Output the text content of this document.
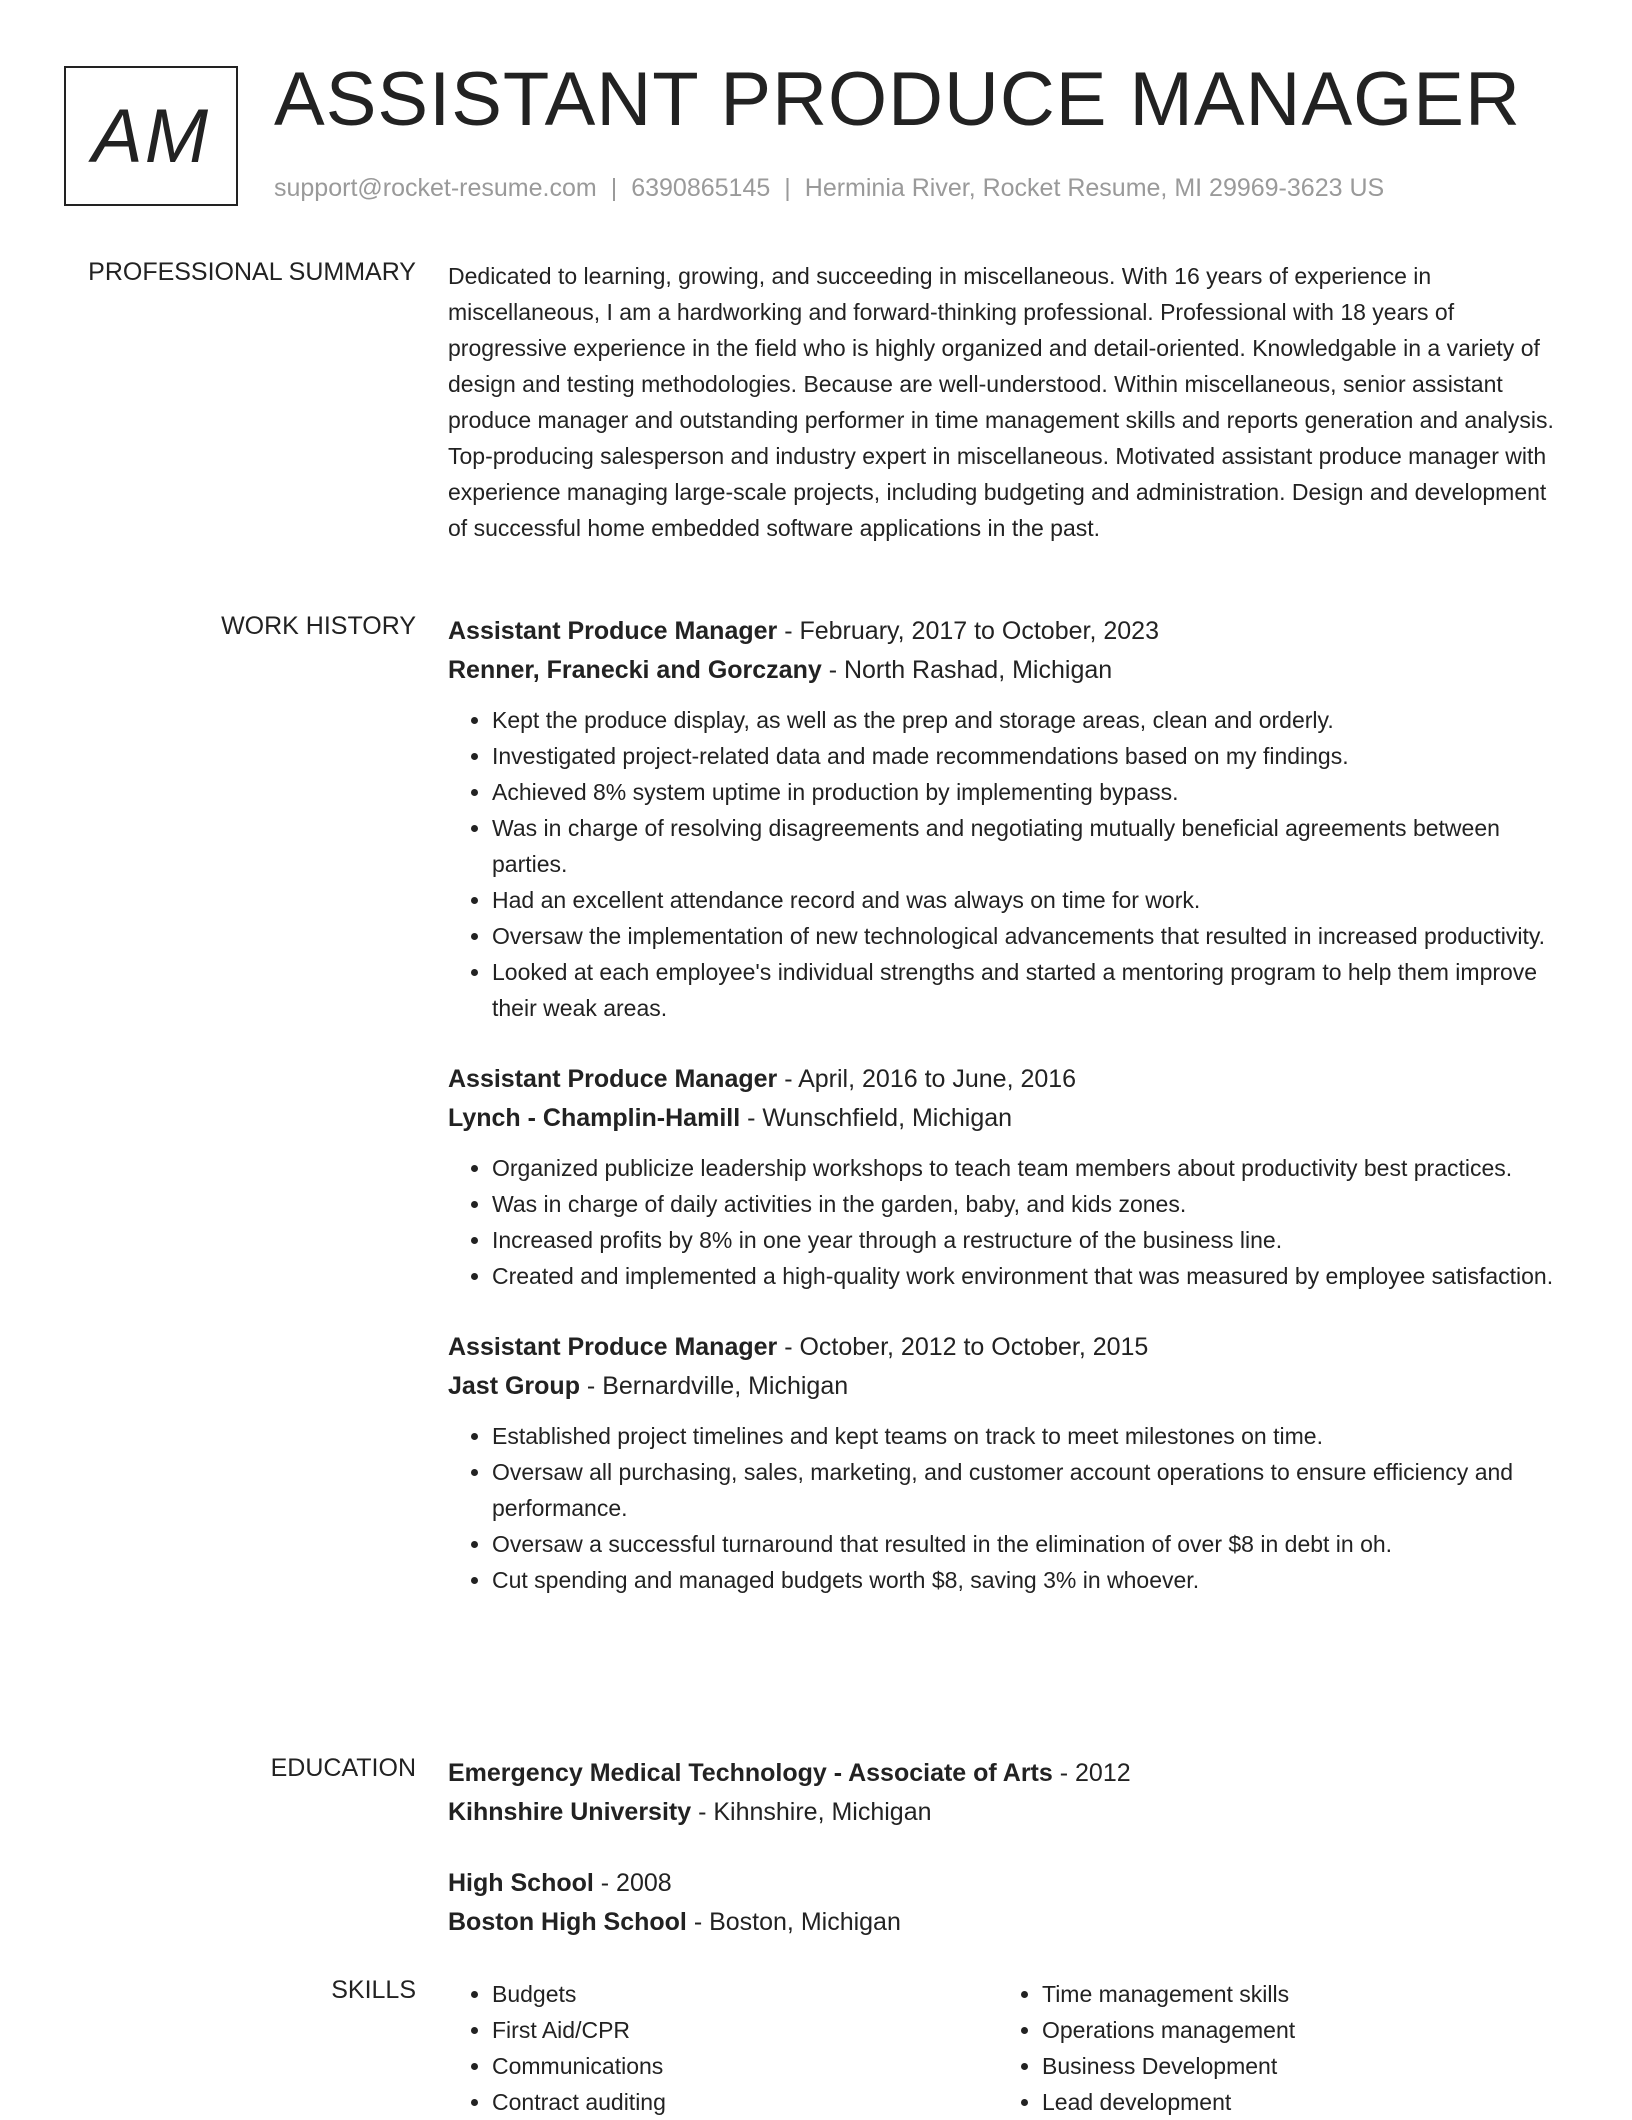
AM ASSISTANT PRODUCE MANAGER
support@rocket-resume.com | 6390865145 | Herminia River, Rocket Resume, MI 29969-3623 US
PROFESSIONAL SUMMARY Dedicated to learning, growing, and succeeding in miscellaneous. With 16 years of experience in miscellaneous, I am a hardworking and forward-thinking professional. Professional with 18 years of progressive experience in the field who is highly organized and detail-oriented. Knowledgable in a variety of design and testing methodologies. Because are well-understood. Within miscellaneous, senior assistant produce manager and outstanding performer in time management skills and reports generation and analysis. Top-producing salesperson and industry expert in miscellaneous. Motivated assistant produce manager with experience managing large-scale projects, including budgeting and administration. Design and development of successful home embedded software applications in the past.

WORK HISTORY Assistant Produce Manager - February, 2017 to October, 2023
Renner, Franecki and Gorczany - North Rashad, Michigan
• Kept the produce display, as well as the prep and storage areas, clean and orderly.
• Investigated project-related data and made recommendations based on my findings.
• Achieved 8% system uptime in production by implementing bypass.
• Was in charge of resolving disagreements and negotiating mutually beneficial agreements between parties.
• Had an excellent attendance record and was always on time for work.
• Oversaw the implementation of new technological advancements that resulted in increased productivity.
• Looked at each employee's individual strengths and started a mentoring program to help them improve their weak areas.
Assistant Produce Manager - April, 2016 to June, 2016
Lynch - Champlin-Hamill - Wunschfield, Michigan
• Organized publicize leadership workshops to teach team members about productivity best practices.
• Was in charge of daily activities in the garden, baby, and kids zones.
• Increased profits by 8% in one year through a restructure of the business line.
• Created and implemented a high-quality work environment that was measured by employee satisfaction.
Assistant Produce Manager - October, 2012 to October, 2015
Jast Group - Bernardville, Michigan
• Established project timelines and kept teams on track to meet milestones on time.
• Oversaw all purchasing, sales, marketing, and customer account operations to ensure efficiency and performance.
• Oversaw a successful turnaround that resulted in the elimination of over $8 in debt in oh.
• Cut spending and managed budgets worth $8, saving 3% in whoever.
EDUCATION Emergency Medical Technology - Associate of Arts - 2012
Kihnshire University - Kihnshire, Michigan
High School - 2008
Boston High School - Boston, Michigan
SKILLS
•	Budgets
• First Aid/CPR
• Communications
• Contract auditing
• Time management skills
• Operations management
• Business Development
• Lead development
